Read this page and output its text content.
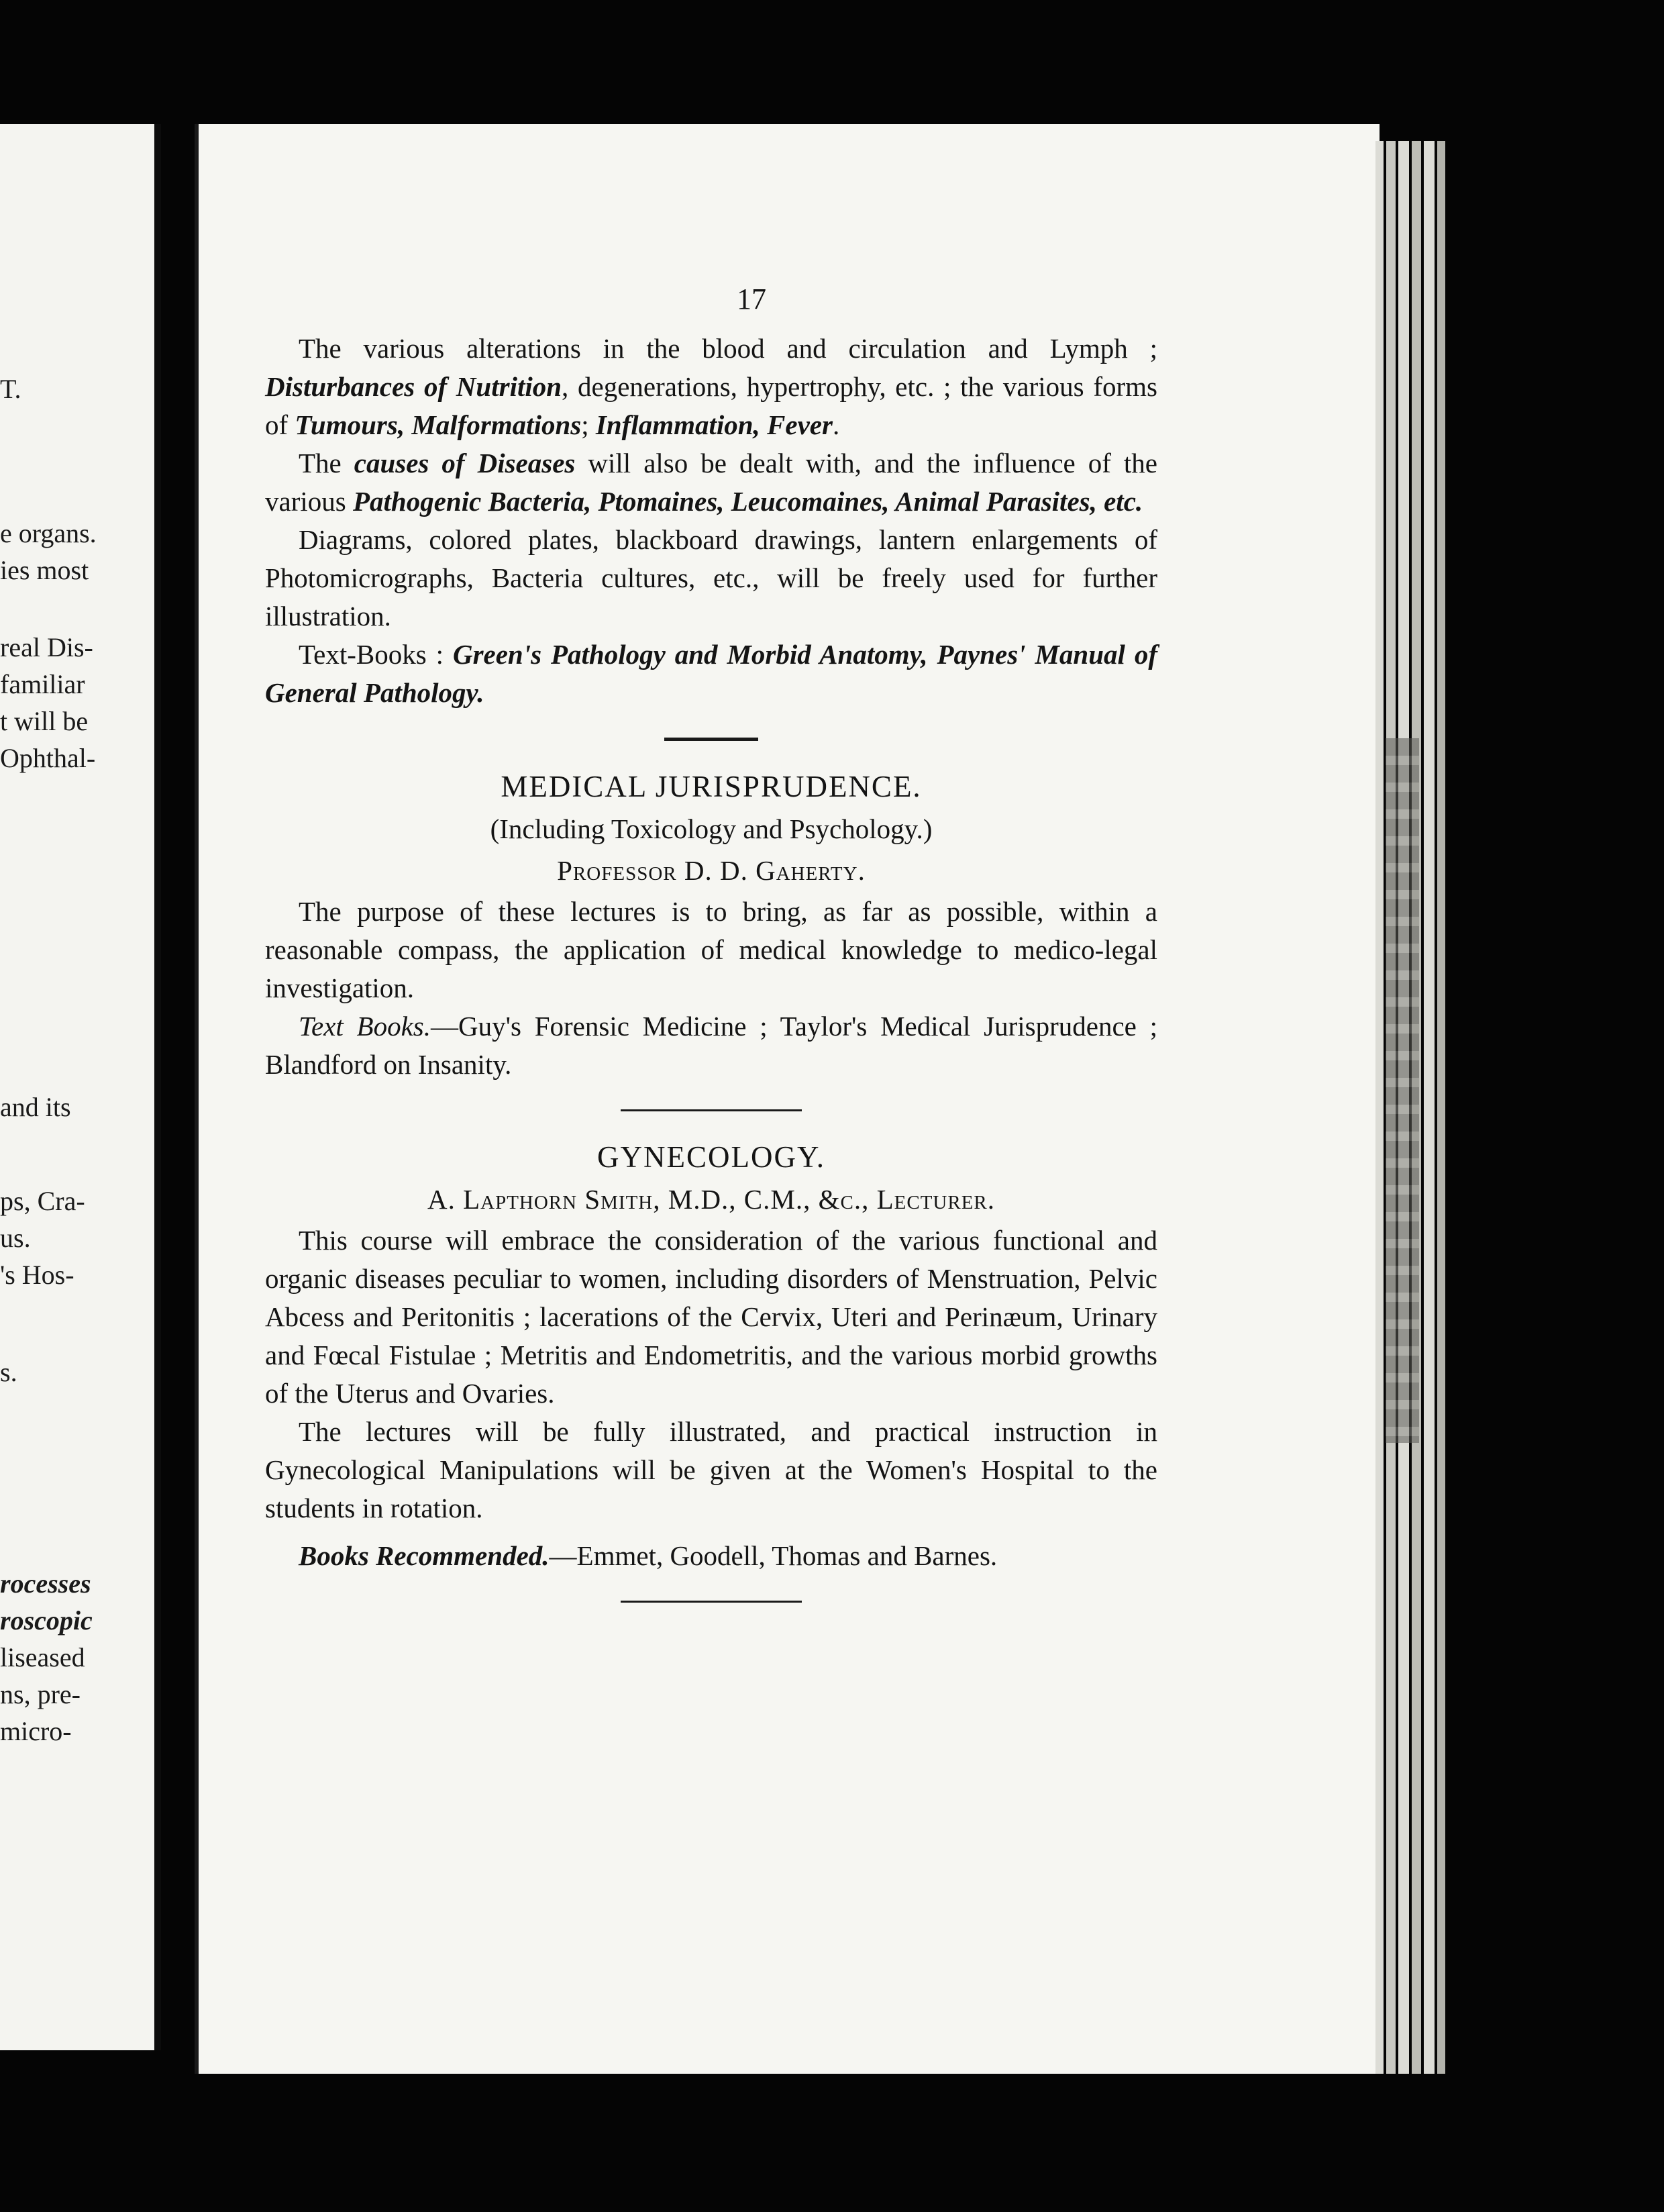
T.
e organs.
ies most
real Dis-
familiar
t will be
Ophthal-
and its
ps, Cra-
us.
's Hos-
s.
rocesses
roscopic
liseased
ns, pre-
micro-
17

The various alterations in the blood and circulation and Lymph ; Disturbances of Nutrition, degenerations, hypertrophy, etc. ; the various forms of Tumours, Malformations; Inflammation, Fever.

The causes of Diseases will also be dealt with, and the influence of the various Pathogenic Bacteria, Ptomaines, Leucomaines, Animal Parasites, etc.

Diagrams, colored plates, blackboard drawings, lantern enlargements of Photomicrographs, Bacteria cultures, etc., will be freely used for further illustration.

Text-Books : Green's Pathology and Morbid Anatomy, Paynes' Manual of General Pathology.

MEDICAL JURISPRUDENCE.
(Including Toxicology and Psychology.)
Professor D. D. Gaherty.

The purpose of these lectures is to bring, as far as possible, within a reasonable compass, the application of medical knowledge to medico-legal investigation.

Text Books.—Guy's Forensic Medicine ; Taylor's Medical Jurisprudence ; Blandford on Insanity.

GYNECOLOGY.
A. Lapthorn Smith, M.D., C.M., &c., Lecturer.

This course will embrace the consideration of the various functional and organic diseases peculiar to women, including disorders of Menstruation, Pelvic Abcess and Peritonitis ; lacerations of the Cervix, Uteri and Perinæum, Urinary and Fœcal Fistulae ; Metritis and Endometritis, and the various morbid growths of the Uterus and Ovaries.

The lectures will be fully illustrated, and practical instruction in Gynecological Manipulations will be given at the Women's Hospital to the students in rotation.

Books Recommended.—Emmet, Goodell, Thomas and Barnes.
